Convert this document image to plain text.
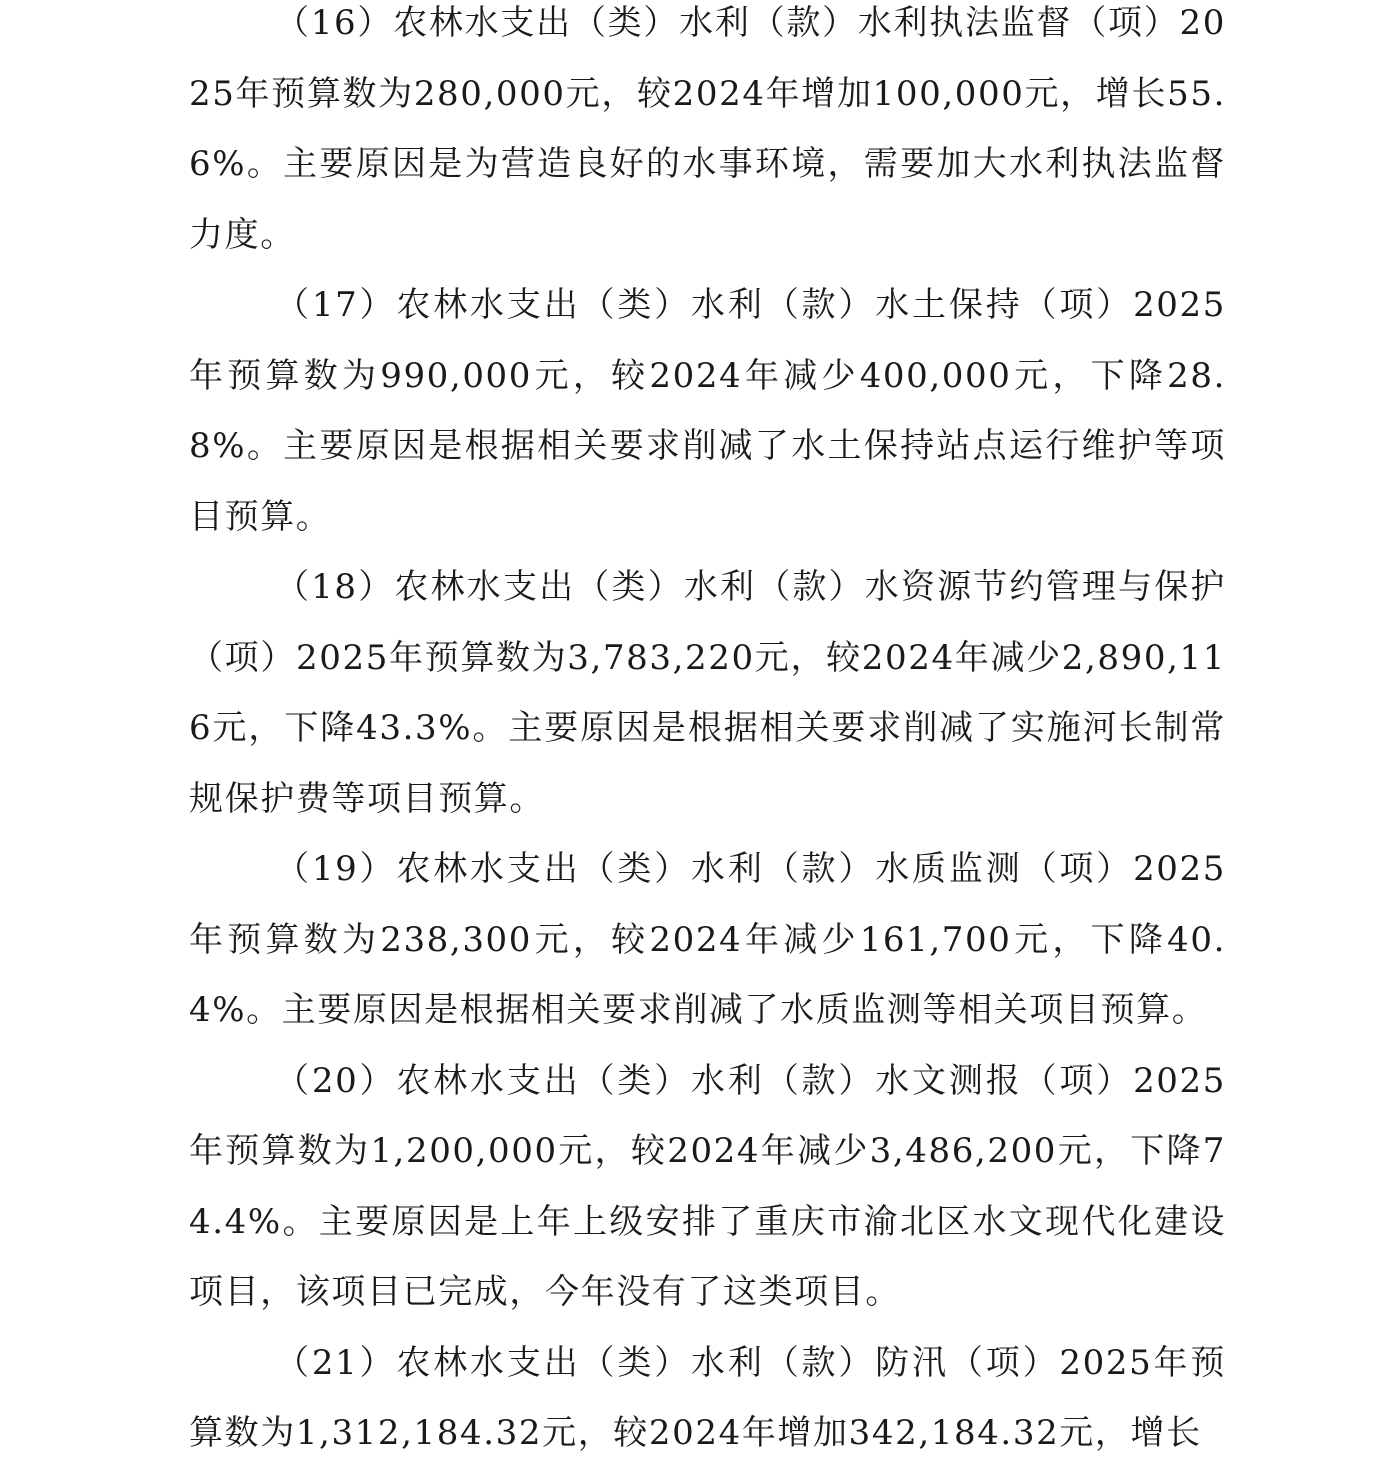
（16）农林水支出（类）水利（款）水利执法监督（项）2025年预算数为280,000元，较2024年增加100,000元，增长55.6%。主要原因是为营造良好的水事环境，需要加大水利执法监督力度。

（17）农林水支出（类）水利（款）水土保持（项）2025年预算数为990,000元，较2024年减少400,000元，下降28.8%。主要原因是根据相关要求削减了水土保持站点运行维护等项目预算。

（18）农林水支出（类）水利（款）水资源节约管理与保护（项）2025年预算数为3,783,220元，较2024年减少2,890,116元，下降43.3%。主要原因是根据相关要求削减了实施河长制常规保护费等项目预算。

（19）农林水支出（类）水利（款）水质监测（项）2025年预算数为238,300元，较2024年减少161,700元，下降40.4%。主要原因是根据相关要求削减了水质监测等相关项目预算。

（20）农林水支出（类）水利（款）水文测报（项）2025年预算数为1,200,000元，较2024年减少3,486,200元，下降74.4%。主要原因是上年上级安排了重庆市渝北区水文现代化建设项目，该项目已完成，今年没有了这类项目。

（21）农林水支出（类）水利（款）防汛（项）2025年预算数为1,312,184.32元，较2024年增加342,184.32元，增长
